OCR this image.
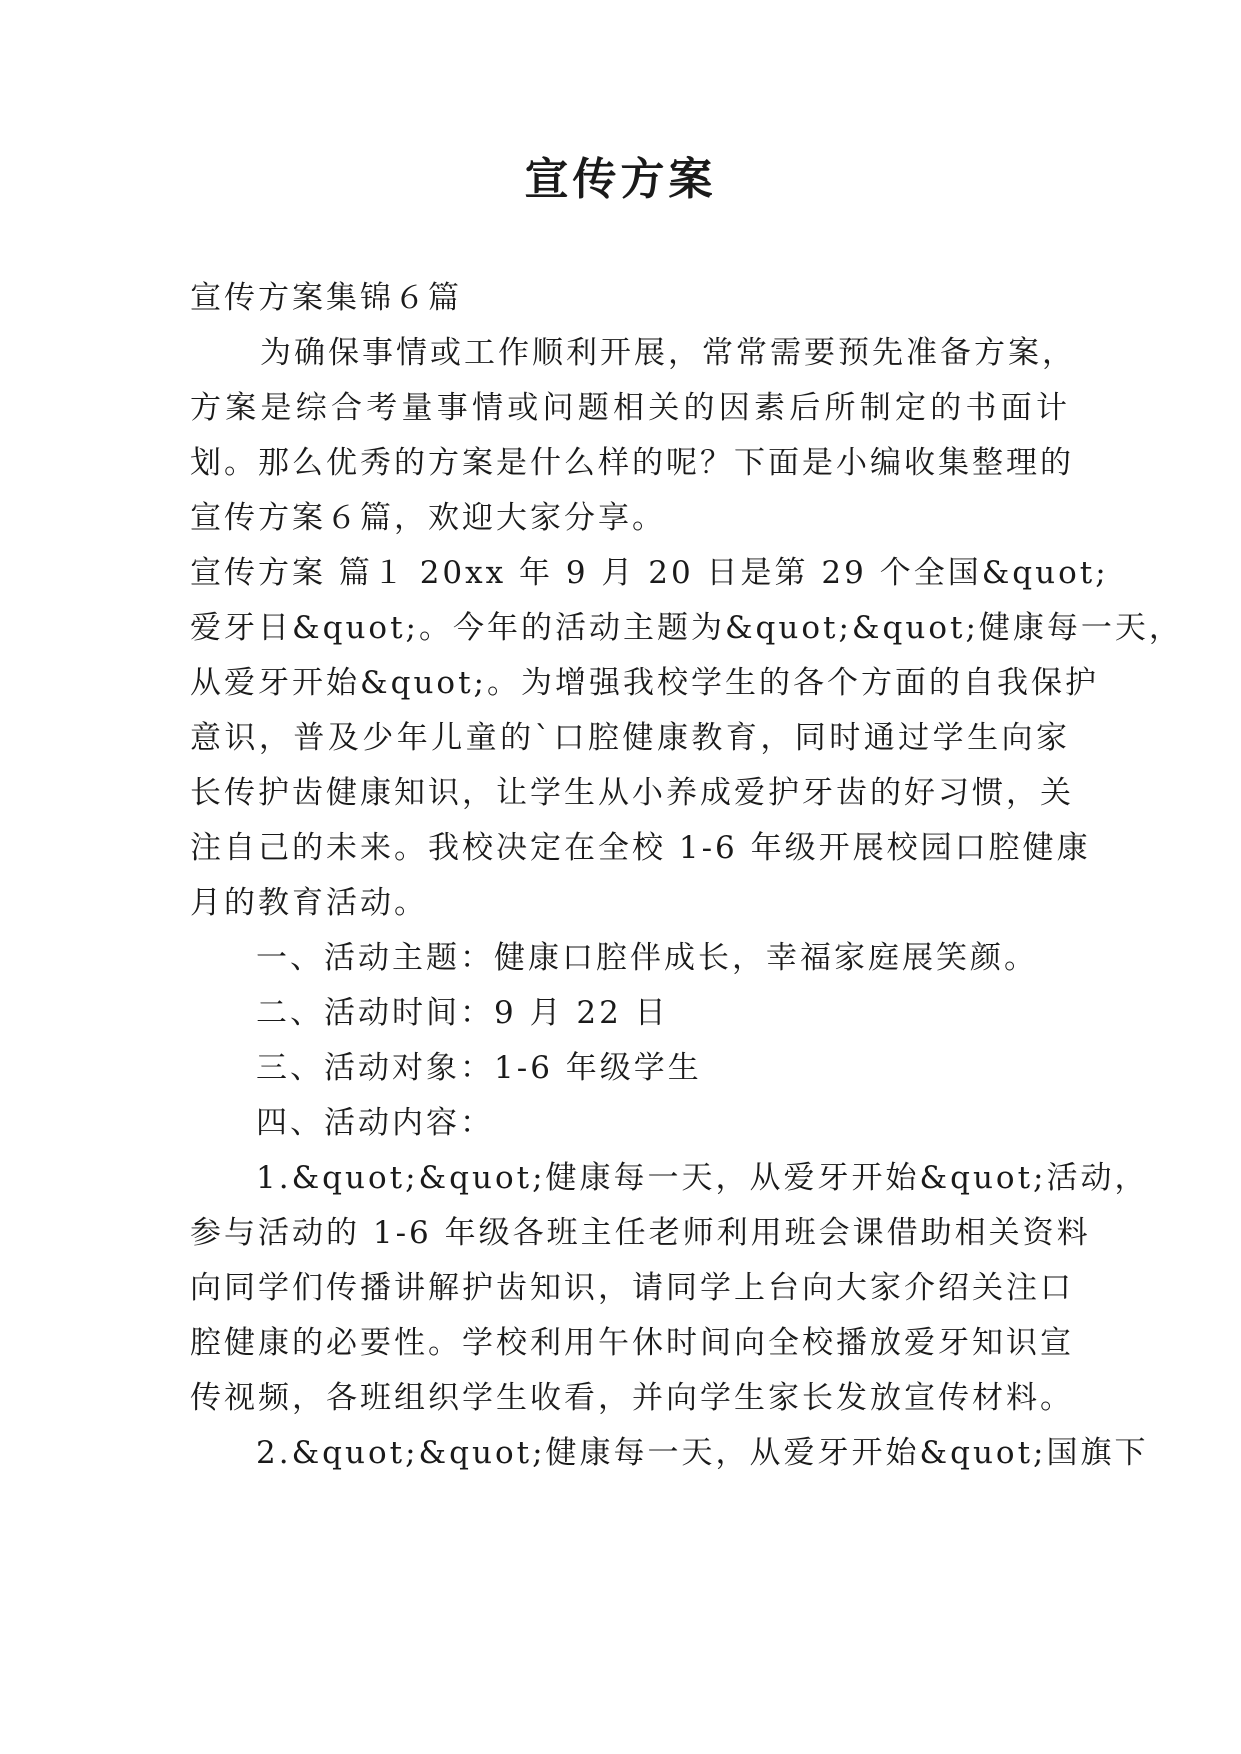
宣传方案
宣传方案集锦６篇
为确保事情或工作顺利开展，常常需要预先准备方案，
方案是综合考量事情或问题相关的因素后所制定的书面计
划。那么优秀的方案是什么样的呢？下面是小编收集整理的
宣传方案６篇，欢迎大家分享。
宣传方案 篇１ 20xx 年 9 月 20 日是第 29 个全国&quot;
爱牙日&quot;。今年的活动主题为&quot;&quot;健康每一天，
从爱牙开始&quot;。为增强我校学生的各个方面的自我保护
意识，普及少年儿童的`口腔健康教育，同时通过学生向家
长传护齿健康知识，让学生从小养成爱护牙齿的好习惯，关
注自己的未来。我校决定在全校 1-6 年级开展校园口腔健康
月的教育活动。
一、活动主题：健康口腔伴成长，幸福家庭展笑颜。
二、活动时间：9 月 22 日
三、活动对象：1-6 年级学生
四、活动内容：
1.&quot;&quot;健康每一天，从爱牙开始&quot;活动，
参与活动的 1-6 年级各班主任老师利用班会课借助相关资料
向同学们传播讲解护齿知识，请同学上台向大家介绍关注口
腔健康的必要性。学校利用午休时间向全校播放爱牙知识宣
传视频，各班组织学生收看，并向学生家长发放宣传材料。
2.&quot;&quot;健康每一天，从爱牙开始&quot;国旗下
